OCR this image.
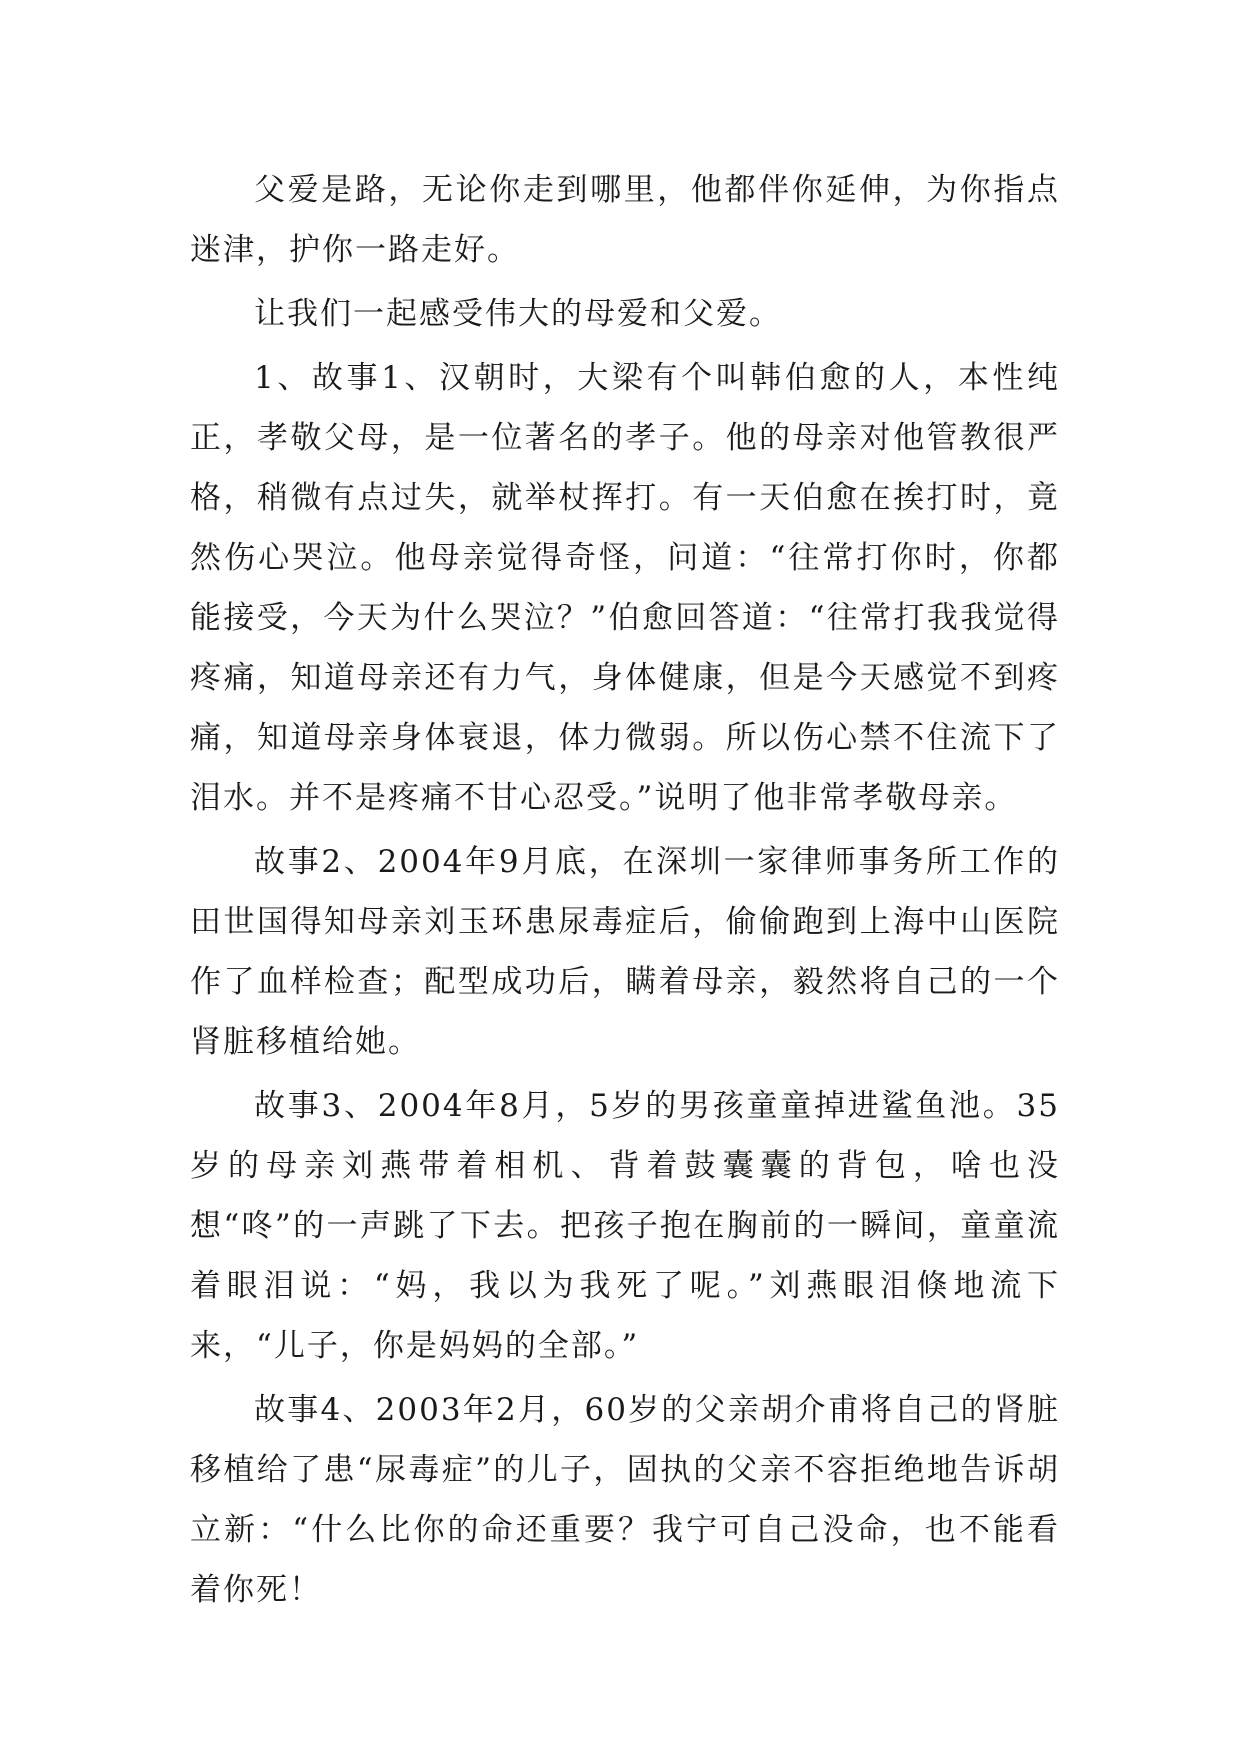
父爱是路，无论你走到哪里，他都伴你延伸，为你指点迷津，护你一路走好。

让我们一起感受伟大的母爱和父爱。

1、故事1、汉朝时，大梁有个叫韩伯愈的人，本性纯正，孝敬父母，是一位著名的孝子。他的母亲对他管教很严格，稍微有点过失，就举杖挥打。有一天伯愈在挨打时，竟然伤心哭泣。他母亲觉得奇怪，问道：“往常打你时，你都能接受，今天为什么哭泣？”伯愈回答道：“往常打我我觉得疼痛，知道母亲还有力气，身体健康，但是今天感觉不到疼痛，知道母亲身体衰退，体力微弱。所以伤心禁不住流下了泪水。并不是疼痛不甘心忍受。”说明了他非常孝敬母亲。

故事2、2004年9月底，在深圳一家律师事务所工作的田世国得知母亲刘玉环患尿毒症后，偷偷跑到上海中山医院作了血样检查；配型成功后，瞒着母亲，毅然将自己的一个肾脏移植给她。

故事3、2004年8月，5岁的男孩童童掉进鲨鱼池。35岁的母亲刘燕带着相机、背着鼓囊囊的背包，啥也没想“咚”的一声跳了下去。把孩子抱在胸前的一瞬间，童童流着眼泪说：“妈，我以为我死了呢。”刘燕眼泪倏地流下来，“儿子，你是妈妈的全部。”

故事4、2003年2月，60岁的父亲胡介甫将自己的肾脏移植给了患“尿毒症”的儿子，固执的父亲不容拒绝地告诉胡立新：“什么比你的命还重要？我宁可自己没命，也不能看着你死！
